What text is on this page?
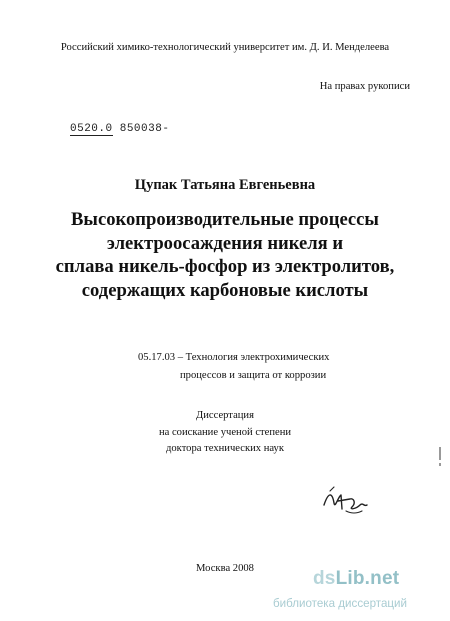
Российский химико-технологический университет им. Д. И. Менделеева
На правах рукописи
0520.0 850038-
Цупак Татьяна Евгеньевна
Высокопроизводительные процессы
электроосаждения никеля и
сплава никель-фосфор из электролитов,
содержащих карбоновые кислоты
05.17.03 – Технология электрохимических
процессов и защита от коррозии
Диссертация
на соискание ученой степени
доктора технических наук
Москва 2008	dsLib.net
библиотека диссертаций
